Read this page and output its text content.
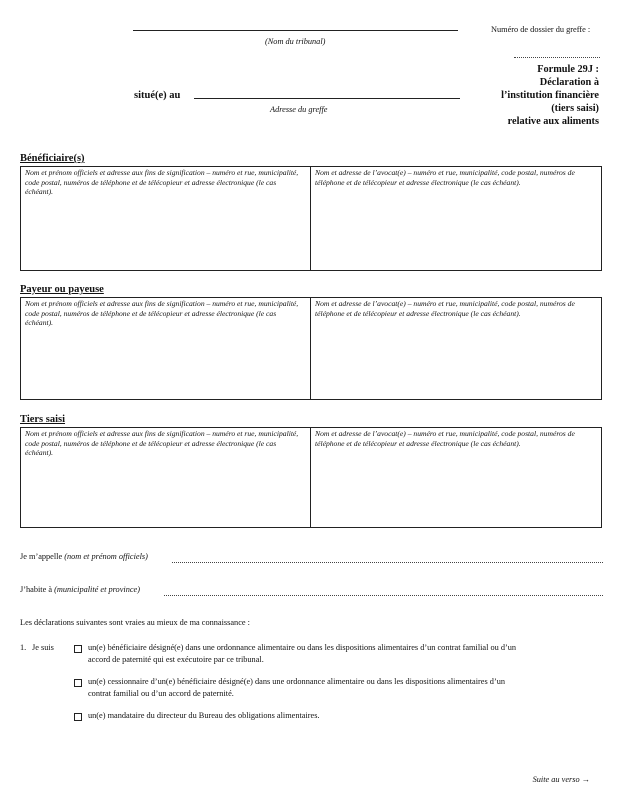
(Nom du tribunal)
Numéro de dossier du greffe :
situé(e) au
Adresse du greffe
Formule 29J :
Déclaration à
l’institution financière
(tiers saisi)
relative aux aliments
Bénéficiaire(s)
Nom et prénom officiels et adresse aux fins de signification – numéro et rue, municipalité, code postal, numéros de téléphone et de télécopieur et adresse électronique (le cas échéant).
Nom et adresse de l’avocat(e) – numéro et rue, municipalité, code postal, numéros de téléphone et de télécopieur et adresse électronique (le cas échéant).
Payeur ou payeuse
Nom et prénom officiels et adresse aux fins de signification – numéro et rue, municipalité, code postal, numéros de téléphone et de télécopieur et adresse électronique (le cas échéant).
Nom et adresse de l’avocat(e) – numéro et rue, municipalité, code postal, numéros de téléphone et de télécopieur et adresse électronique (le cas échéant).
Tiers saisi
Nom et prénom officiels et adresse aux fins de signification – numéro et rue, municipalité, code postal, numéros de téléphone et de télécopieur et adresse électronique (le cas échéant).
Nom et adresse de l’avocat(e) – numéro et rue, municipalité, code postal, numéros de téléphone et de télécopieur et adresse électronique (le cas échéant).
Je m’appelle (nom et prénom officiels)
J’habite à (municipalité et province)
Les déclarations suivantes sont vraies au mieux de ma connaissance :
1. Je suis	un(e) bénéficiaire désigné(e) dans une ordonnance alimentaire ou dans les dispositions alimentaires d’un contrat familial ou d’un
accord de paternité qui est exécutoire par ce tribunal.
un(e) cessionnaire d’un(e) bénéficiaire désigné(e) dans une ordonnance alimentaire ou dans les dispositions alimentaires d’un
contrat familial ou d’un accord de paternité.
un(e) mandataire du directeur du Bureau des obligations alimentaires.
Suite au verso →
